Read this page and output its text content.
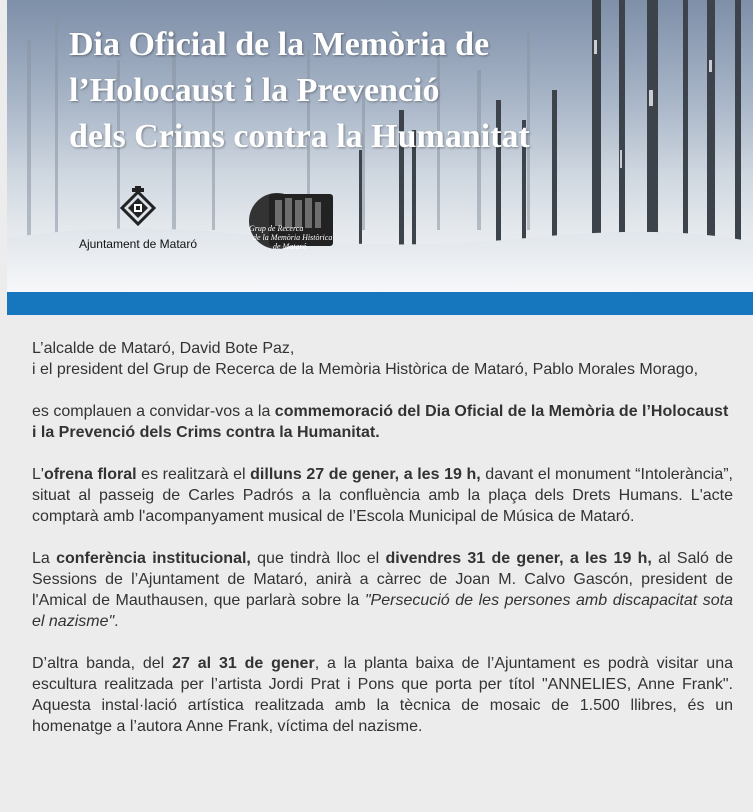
Dia Oficial de la Memòria de
l’Holocaust i la Prevenció
dels Crims contra la Humanitat
Ajuntament de Mataró
Grup de Recerca
de la Memòria Històrica
de Mataró

L’alcalde de Mataró, David Bote Paz,
i el president del Grup de Recerca de la Memòria Històrica de Mataró, Pablo Morales Morago,

es complauen a convidar-vos a la commemoració del Dia Oficial de la Memòria de l’Holocaust i la Prevenció dels Crims contra la Humanitat.

L'ofrena floral es realitzarà el dilluns 27 de gener, a les 19 h, davant el monument “Intolerància”, situat al passeig de Carles Padrós a la confluència amb la plaça dels Drets Humans. L'acte comptarà amb l'acompanyament musical de l’Escola Municipal de Música de Mataró.

La conferència institucional, que tindrà lloc el divendres 31 de gener, a les 19 h, al Saló de Sessions de l’Ajuntament de Mataró, anirà a càrrec de Joan M. Calvo Gascón, president de l'Amical de Mauthausen, que parlarà sobre la "Persecució de les persones amb discapacitat sota el nazisme".

D’altra banda, del 27 al 31 de gener, a la planta baixa de l’Ajuntament es podrà visitar una escultura realitzada per l’artista Jordi Prat i Pons que porta per títol "ANNELIES, Anne Frank". Aquesta instal·lació artística realitzada amb la tècnica de mosaic de 1.500 llibres, és un homenatge a l’autora Anne Frank, víctima del nazisme.
